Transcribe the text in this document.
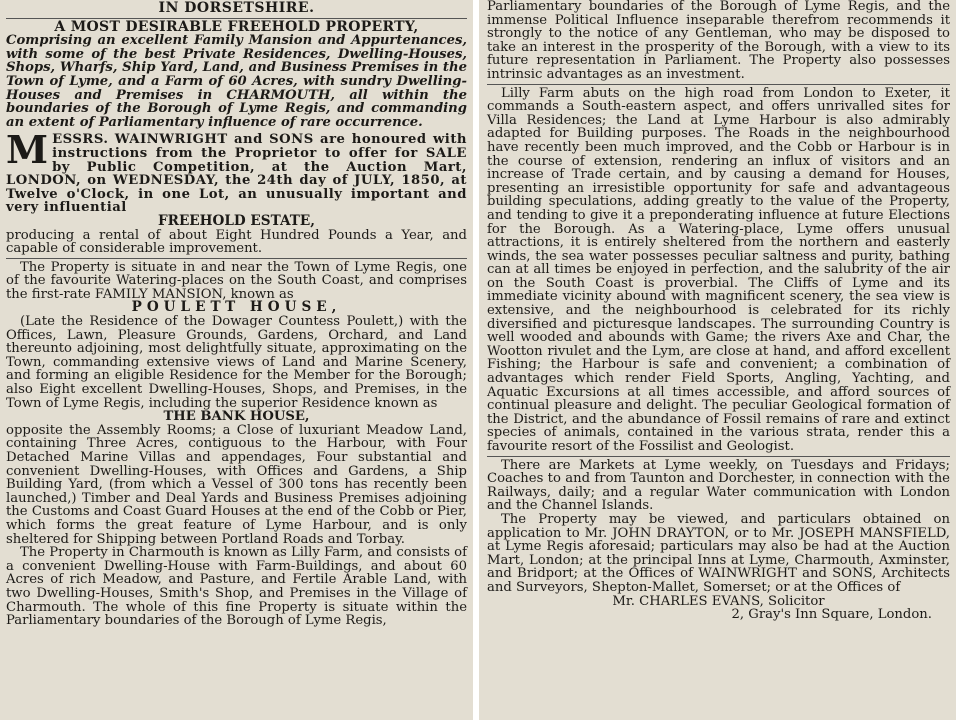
IN DORSETSHIRE.

A MOST DESIRABLE FREEHOLD PROPERTY,

Comprising an excellent Family Mansion and Appurtenances, with some of the best Private Residences, Dwelling-Houses, Shops, Wharfs, Ship Yard, Land, and Business Premises in the Town of Lyme, and a Farm of 60 Acres, with sundry Dwelling-Houses and Premises in CHARMOUTH, all within the boundaries of the Borough of Lyme Regis, and commanding an extent of Parliamentary influence of rare occurrence.

MESSRS. WAINWRIGHT and SONS are honoured with instructions from the Proprietor to offer for SALE by Public Competition, at the Auction Mart, LONDON, on WEDNESDAY, the 24th day of JULY, 1850, at Twelve o'Clock, in one Lot, an unusually important and very influential

FREEHOLD ESTATE,

producing a rental of about Eight Hundred Pounds a Year, and capable of considerable improvement.

The Property is situate in and near the Town of Lyme Regis, one of the favourite Watering-places on the South Coast, and comprises the first-rate FAMILY MANSION, known as

POULETT HOUSE,

(Late the Residence of the Dowager Countess Poulett,) with the Offices, Lawn, Pleasure Grounds, Gardens, Orchard, and Land thereunto adjoining, most delightfully situate, approximating on the Town, commanding extensive views of Land and Marine Scenery, and forming an eligible Residence for the Member for the Borough; also Eight excellent Dwelling-Houses, Shops, and Premises, in the Town of Lyme Regis, including the superior Residence known as

THE BANK HOUSE,

opposite the Assembly Rooms; a Close of luxuriant Meadow Land, containing Three Acres, contiguous to the Harbour, with Four Detached Marine Villas and appendages, Four substantial and convenient Dwelling-Houses, with Offices and Gardens, a Ship Building Yard, (from which a Vessel of 300 tons has recently been launched,) Timber and Deal Yards and Business Premises adjoining the Customs and Coast Guard Houses at the end of the Cobb or Pier, which forms the great feature of Lyme Harbour, and is only sheltered for Shipping between Portland Roads and Torbay.

The Property in Charmouth is known as Lilly Farm, and consists of a convenient Dwelling-House with Farm-Buildings, and about 60 Acres of rich Meadow, and Pasture, and Fertile Arable Land, with two Dwelling-Houses, Smith's Shop, and Premises in the Village of Charmouth. The whole of this fine Property is situate within the Parliamentary boundaries of the Borough of Lyme Regis,

Parliamentary boundaries of the Borough of Lyme Regis, and the immense Political Influence inseparable therefrom recommends it strongly to the notice of any Gentleman, who may be disposed to take an interest in the prosperity of the Borough, with a view to its future representation in Parliament. The Property also possesses intrinsic advantages as an investment.

Lilly Farm abuts on the high road from London to Exeter, it commands a South-eastern aspect, and offers unrivalled sites for Villa Residences; the Land at Lyme Harbour is also admirably adapted for Building purposes. The Roads in the neighbourhood have recently been much improved, and the Cobb or Harbour is in the course of extension, rendering an influx of visitors and an increase of Trade certain, and by causing a demand for Houses, presenting an irresistible opportunity for safe and advantageous building speculations, adding greatly to the value of the Property, and tending to give it a preponderating influence at future Elections for the Borough. As a Watering-place, Lyme offers unusual attractions, it is entirely sheltered from the northern and easterly winds, the sea water possesses peculiar saltness and purity, bathing can at all times be enjoyed in perfection, and the salubrity of the air on the South Coast is proverbial. The Cliffs of Lyme and its immediate vicinity abound with magnificent scenery, the sea view is extensive, and the neighbourhood is celebrated for its richly diversified and picturesque landscapes. The surrounding Country is well wooded and abounds with Game; the rivers Axe and Char, the Wootton rivulet and the Lym, are close at hand, and afford excellent Fishing; the Harbour is safe and convenient; a combination of advantages which render Field Sports, Angling, Yachting, and Aquatic Excursions at all times accessible, and afford sources of continual pleasure and delight. The peculiar Geological formation of the District, and the abundance of Fossil remains of rare and extinct species of animals, contained in the various strata, render this a favourite resort of the Fossilist and Geologist.

There are Markets at Lyme weekly, on Tuesdays and Fridays; Coaches to and from Taunton and Dorchester, in connection with the Railways, daily; and a regular Water communication with London and the Channel Islands.

The Property may be viewed, and particulars obtained on application to Mr. JOHN DRAYTON, or to Mr. JOSEPH MANSFIELD, at Lyme Regis aforesaid; particulars may also be had at the Auction Mart, London; at the principal Inns at Lyme, Charmouth, Axminster, and Bridport; at the Offices of WAINWRIGHT and SONS, Architects and Surveyors, Shepton-Mallet, Somerset; or at the Offices of

Mr. CHARLES EVANS, Solicitor

2, Gray's Inn Square, London.
